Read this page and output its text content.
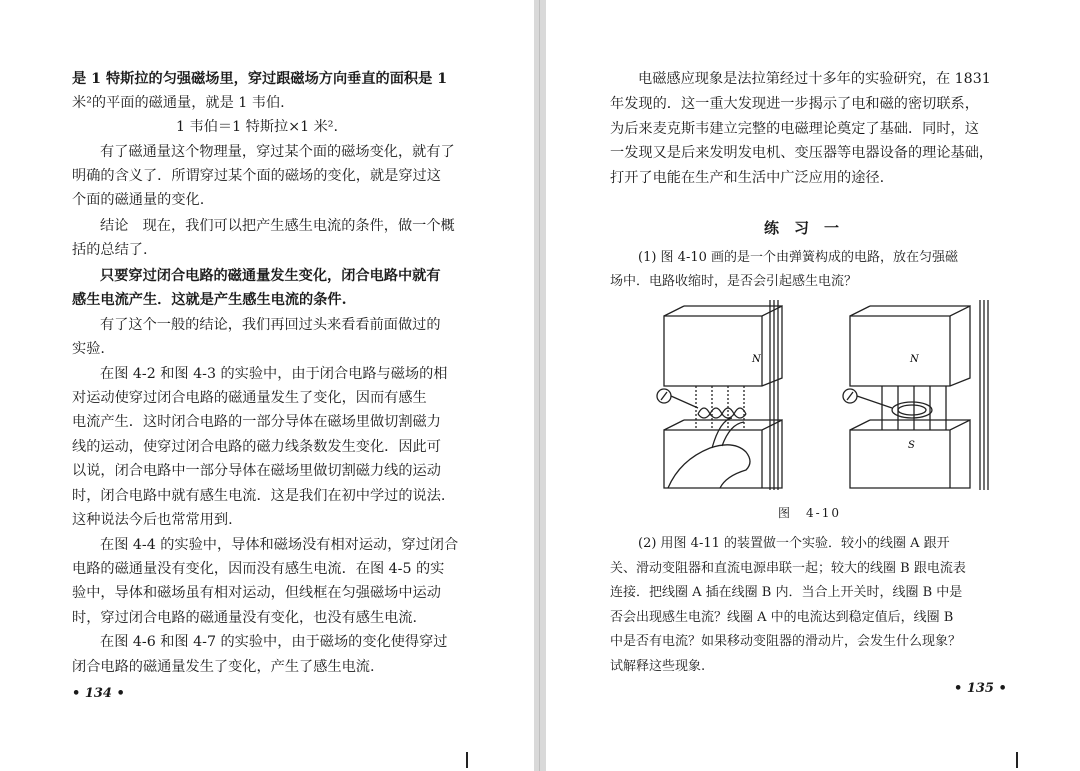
是 1 特斯拉的匀强磁场里，穿过跟磁场方向垂直的面积是 1
米²的平面的磁通量，就是 1 韦伯.
1 韦伯＝1 特斯拉×1 米².
有了磁通量这个物理量，穿过某个面的磁场变化，就有了
明确的含义了．所谓穿过某个面的磁场的变化，就是穿过这
个面的磁通量的变化.
结论　现在，我们可以把产生感生电流的条件，做一个概
括的总结了.
只要穿过闭合电路的磁通量发生变化，闭合电路中就有
感生电流产生．这就是产生感生电流的条件.
有了这个一般的结论，我们再回过头来看看前面做过的
实验.
在图 4-2 和图 4-3 的实验中，由于闭合电路与磁场的相
对运动使穿过闭合电路的磁通量发生了变化，因而有感生
电流产生．这时闭合电路的一部分导体在磁场里做切割磁力
线的运动，使穿过闭合电路的磁力线条数发生变化．因此可
以说，闭合电路中一部分导体在磁场里做切割磁力线的运动
时，闭合电路中就有感生电流．这是我们在初中学过的说法.
这种说法今后也常常用到.
在图 4-4 的实验中，导体和磁场没有相对运动，穿过闭合
电路的磁通量没有变化，因而没有感生电流．在图 4-5 的实
验中，导体和磁场虽有相对运动，但线框在匀强磁场中运动
时，穿过闭合电路的磁通量没有变化，也没有感生电流.
在图 4-6 和图 4-7 的实验中，由于磁场的变化使得穿过
闭合电路的磁通量发生了变化，产生了感生电流.
• 134 •
电磁感应现象是法拉第经过十多年的实验研究，在 1831
年发现的．这一重大发现进一步揭示了电和磁的密切联系，
为后来麦克斯韦建立完整的电磁理论奠定了基础．同时，这
一发现又是后来发明发电机、变压器等电器设备的理论基础，
打开了电能在生产和生活中广泛应用的途径.
练　习　一
(1) 图 4-10 画的是一个由弹簧构成的电路，放在匀强磁
场中．电路收缩时，是否会引起感生电流？
N	N
S
图　4-10
(2) 用图 4-11 的装置做一个实验．较小的线圈 A 跟开
关、滑动变阻器和直流电源串联一起；较大的线圈 B 跟电流表
连接．把线圈 A 插在线圈 B 内．当合上开关时，线圈 B 中是
否会出现感生电流？线圈 A 中的电流达到稳定值后，线圈 B
中是否有电流？如果移动变阻器的滑动片，会发生什么现象？
试解释这些现象.
• 135 •
